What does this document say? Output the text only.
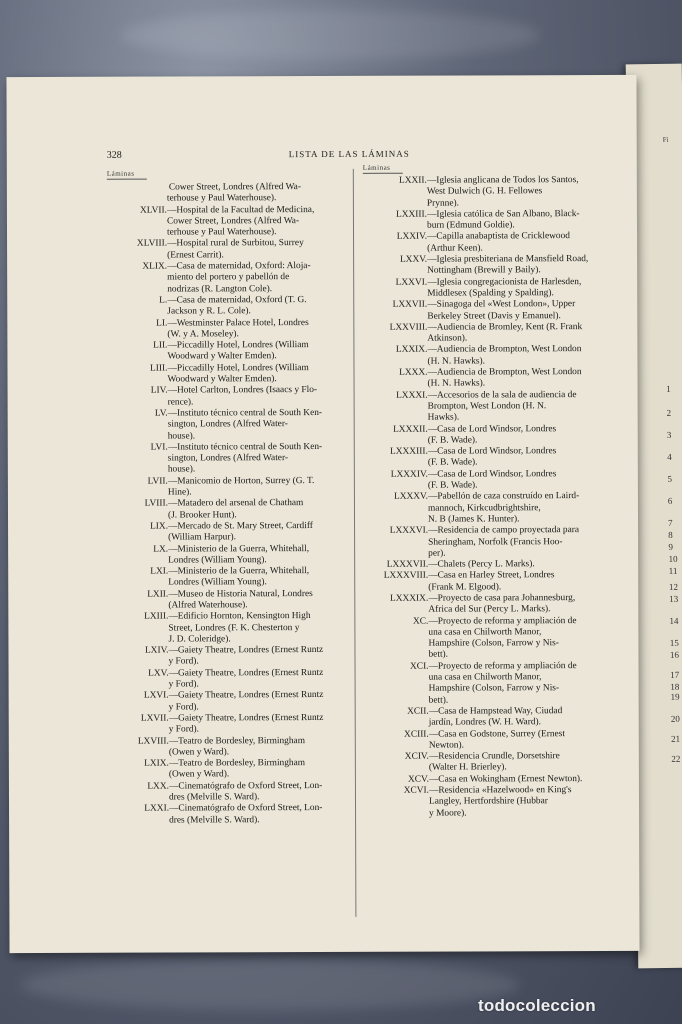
Fi
1
2
3
4
5
6
7
8
9
10
11
12
13
14
15
16
17
18
19
20
21
22
328	LISTA DE LAS LÁMINAS
Láminas
Láminas
Cower Street, Londres (Alfred Wa-
terhouse y Paul Waterhouse).
XLVII. —Hospital de la Facultad de Medicina,
Cower Street, Londres (Alfred Wa-
terhouse y Paul Waterhouse).
XLVIII. —Hospital rural de Surbitou, Surrey
(Ernest Carrit).
XLIX. —Casa de maternidad, Oxford: Aloja-
miento del portero y pabellón de
nodrizas (R. Langton Cole).
L. —Casa de maternidad, Oxford (T. G.
Jackson y R. L. Cole).
LI. —Westminster Palace Hotel, Londres
(W. y A. Moseley).
LII. —Piccadilly Hotel, Londres (William
Woodward y Walter Emden).
LIII. —Piccadilly Hotel, Londres (William
Woodward y Walter Emden).
LIV. —Hotel Carlton, Londres (Isaacs y Flo-
rence).
LV. —Instituto técnico central de South Ken-
sington, Londres (Alfred Water-
house).
LVI. —Instituto técnico central de South Ken-
sington, Londres (Alfred Water-
house).
LVII. —Manicomio de Horton, Surrey (G. T.
Hine).
LVIII. —Matadero del arsenal de Chatham
(J. Brooker Hunt).
LIX. —Mercado de St. Mary Street, Cardiff
(William Harpur).
LX. —Ministerio de la Guerra, Whitehall,
Londres (William Young).
LXI. —Ministerio de la Guerra, Whitehall,
Londres (William Young).
LXII. —Museo de Historia Natural, Londres
(Alfred Waterhouse).
LXIII. —Edificio Hornton, Kensington High
Street, Londres (F. K. Chesterton y
J. D. Coleridge).
LXIV. —Gaiety Theatre, Londres (Ernest Runtz
y Ford).
LXV. —Gaiety Theatre, Londres (Ernest Runtz
y Ford).
LXVI. —Gaiety Theatre, Londres (Ernest Runtz
y Ford).
LXVII. —Gaiety Theatre, Londres (Ernest Runtz
y Ford).
LXVIII. —Teatro de Bordesley, Birmingham
(Owen y Ward).
LXIX. —Teatro de Bordesley, Birmingham
(Owen y Ward).
LXX. —Cinematógrafo de Oxford Street, Lon-
dres (Melville S. Ward).
LXXI. —Cinematógrafo de Oxford Street, Lon-
dres (Melville S. Ward).
LXXII. —Iglesia anglicana de Todos los Santos,
West Dulwich (G. H. Fellowes
Prynne).
LXXIII. —Iglesia católica de San Albano, Black-
burn (Edmund Goldie).
LXXIV. —Capilla anabaptista de Cricklewood
(Arthur Keen).
LXXV. —Iglesia presbiteriana de Mansfield Road,
Nottingham (Brewill y Baily).
LXXVI. —Iglesia congregacionista de Harlesden,
Middlesex (Spalding y Spalding).
LXXVII. —Sinagoga del «West London», Upper
Berkeley Street (Davis y Emanuel).
LXXVIII. —Audiencia de Bromley, Kent (R. Frank
Atkinson).
LXXIX. —Audiencia de Brompton, West London
(H. N. Hawks).
LXXX. —Audiencia de Brompton, West London
(H. N. Hawks).
LXXXI. —Accesorios de la sala de audiencia de
Brompton, West London (H. N.
Hawks).
LXXXII. —Casa de Lord Windsor, Londres
(F. B. Wade).
LXXXIII. —Casa de Lord Windsor, Londres
(F. B. Wade).
LXXXIV. —Casa de Lord Windsor, Londres
(F. B. Wade).
LXXXV. —Pabellón de caza construído en Laird-
mannoch, Kirkcudbrightshire,
N. B (James K. Hunter).
LXXXVI. —Residencia de campo proyectada para
Sheringham, Norfolk (Francis Hoo-
per).
LXXXVII. —Chalets (Percy L. Marks).
LXXXVIII. —Casa en Harley Street, Londres
(Frank M. Elgood).
LXXXIX. —Proyecto de casa para Johannesburg,
Africa del Sur (Percy L. Marks).
XC. —Proyecto de reforma y ampliación de
una casa en Chilworth Manor,
Hampshire (Colson, Farrow y Nis-
bett).
XCI. —Proyecto de reforma y ampliación de
una casa en Chilworth Manor,
Hampshire (Colson, Farrow y Nis-
bett).
XCII. —Casa de Hampstead Way, Ciudad
jardín, Londres (W. H. Ward).
XCIII. —Casa en Godstone, Surrey (Ernest
Newton).
XCIV. —Residencia Crundle, Dorsetshire
(Walter H. Brierley).
XCV. —Casa en Wokingham (Ernest Newton).
XCVI. —Residencia «Hazelwood» en King's
Langley, Hertfordshire (Hubbar
y Moore).
todocoleccion
